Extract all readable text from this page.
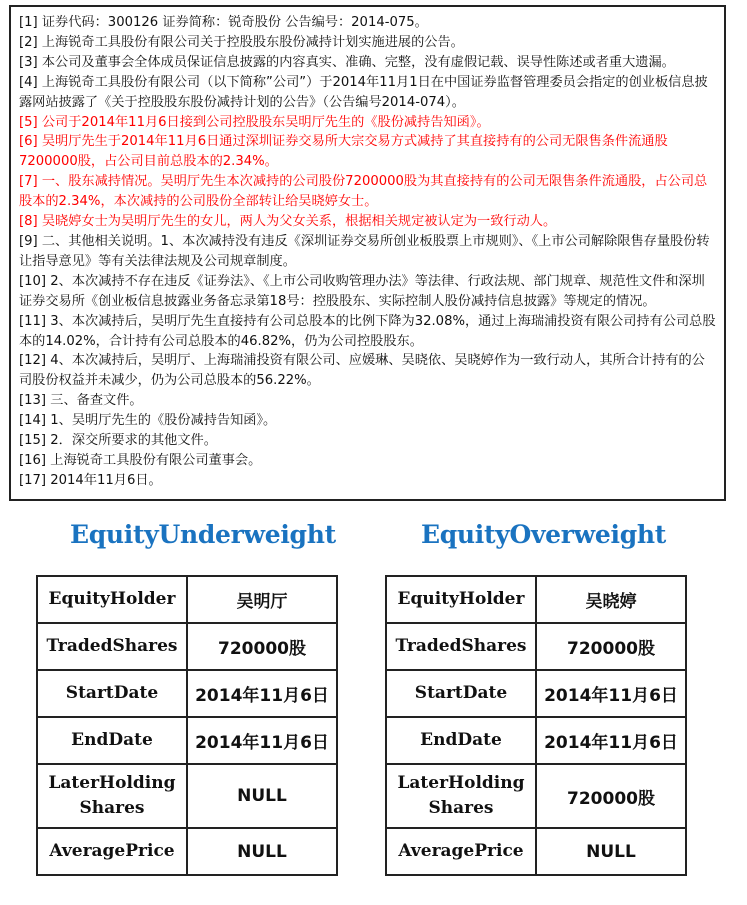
[1] 证券代码：300126 证券简称：锐奇股份 公告编号：2014-075。

[2] 上海锐奇工具股份有限公司关于控股股东股份减持计划实施进展的公告。

[3] 本公司及董事会全体成员保证信息披露的内容真实、准确、完整，没有虚假记载、误导性陈述或者重大遗漏。

[4] 上海锐奇工具股份有限公司（以下简称”公司”）于2014年11月1日在中国证券监督管理委员会指定的创业板信息披露网站披露了《关于控股股东股份减持计划的公告》（公告编号2014-074）。

[5] 公司于2014年11月6日接到公司控股股东吴明厅先生的《股份减持告知函》。

[6] 吴明厅先生于2014年11月6日通过深圳证券交易所大宗交易方式减持了其直接持有的公司无限售条件流通股7200000股，占公司目前总股本的2.34%。

[7] 一、股东减持情况。吴明厅先生本次减持的公司股份7200000股为其直接持有的公司无限售条件流通股，占公司总股本的2.34%，本次减持的公司股份全部转让给吴晓婷女士。

[8] 吴晓婷女士为吴明厅先生的女儿，两人为父女关系，根据相关规定被认定为一致行动人。

[9] 二、其他相关说明。1、本次减持没有违反《深圳证券交易所创业板股票上市规则》、《上市公司解除限售存量股份转让指导意见》等有关法律法规及公司规章制度。

[10] 2、本次减持不存在违反《证券法》、《上市公司收购管理办法》等法律、行政法规、部门规章、规范性文件和深圳证券交易所《创业板信息披露业务备忘录第18号：控股股东、实际控制人股份减持信息披露》等规定的情况。

[11] 3、本次减持后，吴明厅先生直接持有公司总股本的比例下降为32.08%，通过上海瑞浦投资有限公司持有公司总股本的14.02%，合计持有公司总股本的46.82%，仍为公司控股股东。

[12] 4、本次减持后，吴明厅、上海瑞浦投资有限公司、应媛琳、吴晓依、吴晓婷作为一致行动人，其所合计持有的公司股份权益并未减少，仍为公司总股本的56.22%。

[13] 三、备查文件。

[14] 1、吴明厅先生的《股份减持告知函》。

[15] 2．深交所要求的其他文件。

[16] 上海锐奇工具股份有限公司董事会。

[17] 2014年11月6日。

EquityUnderweight	EquityOverweight
EquityHolder	吴明厅
TradedShares	720000股
StartDate	2014年11月6日
EndDate	2014年11月6日

LaterHolding
Shares	NULL
AveragePrice	NULL
EquityHolder	吴晓婷
TradedShares	720000股
StartDate	2014年11月6日
EndDate	2014年11月6日

LaterHolding
Shares	720000股
AveragePrice	NULL
